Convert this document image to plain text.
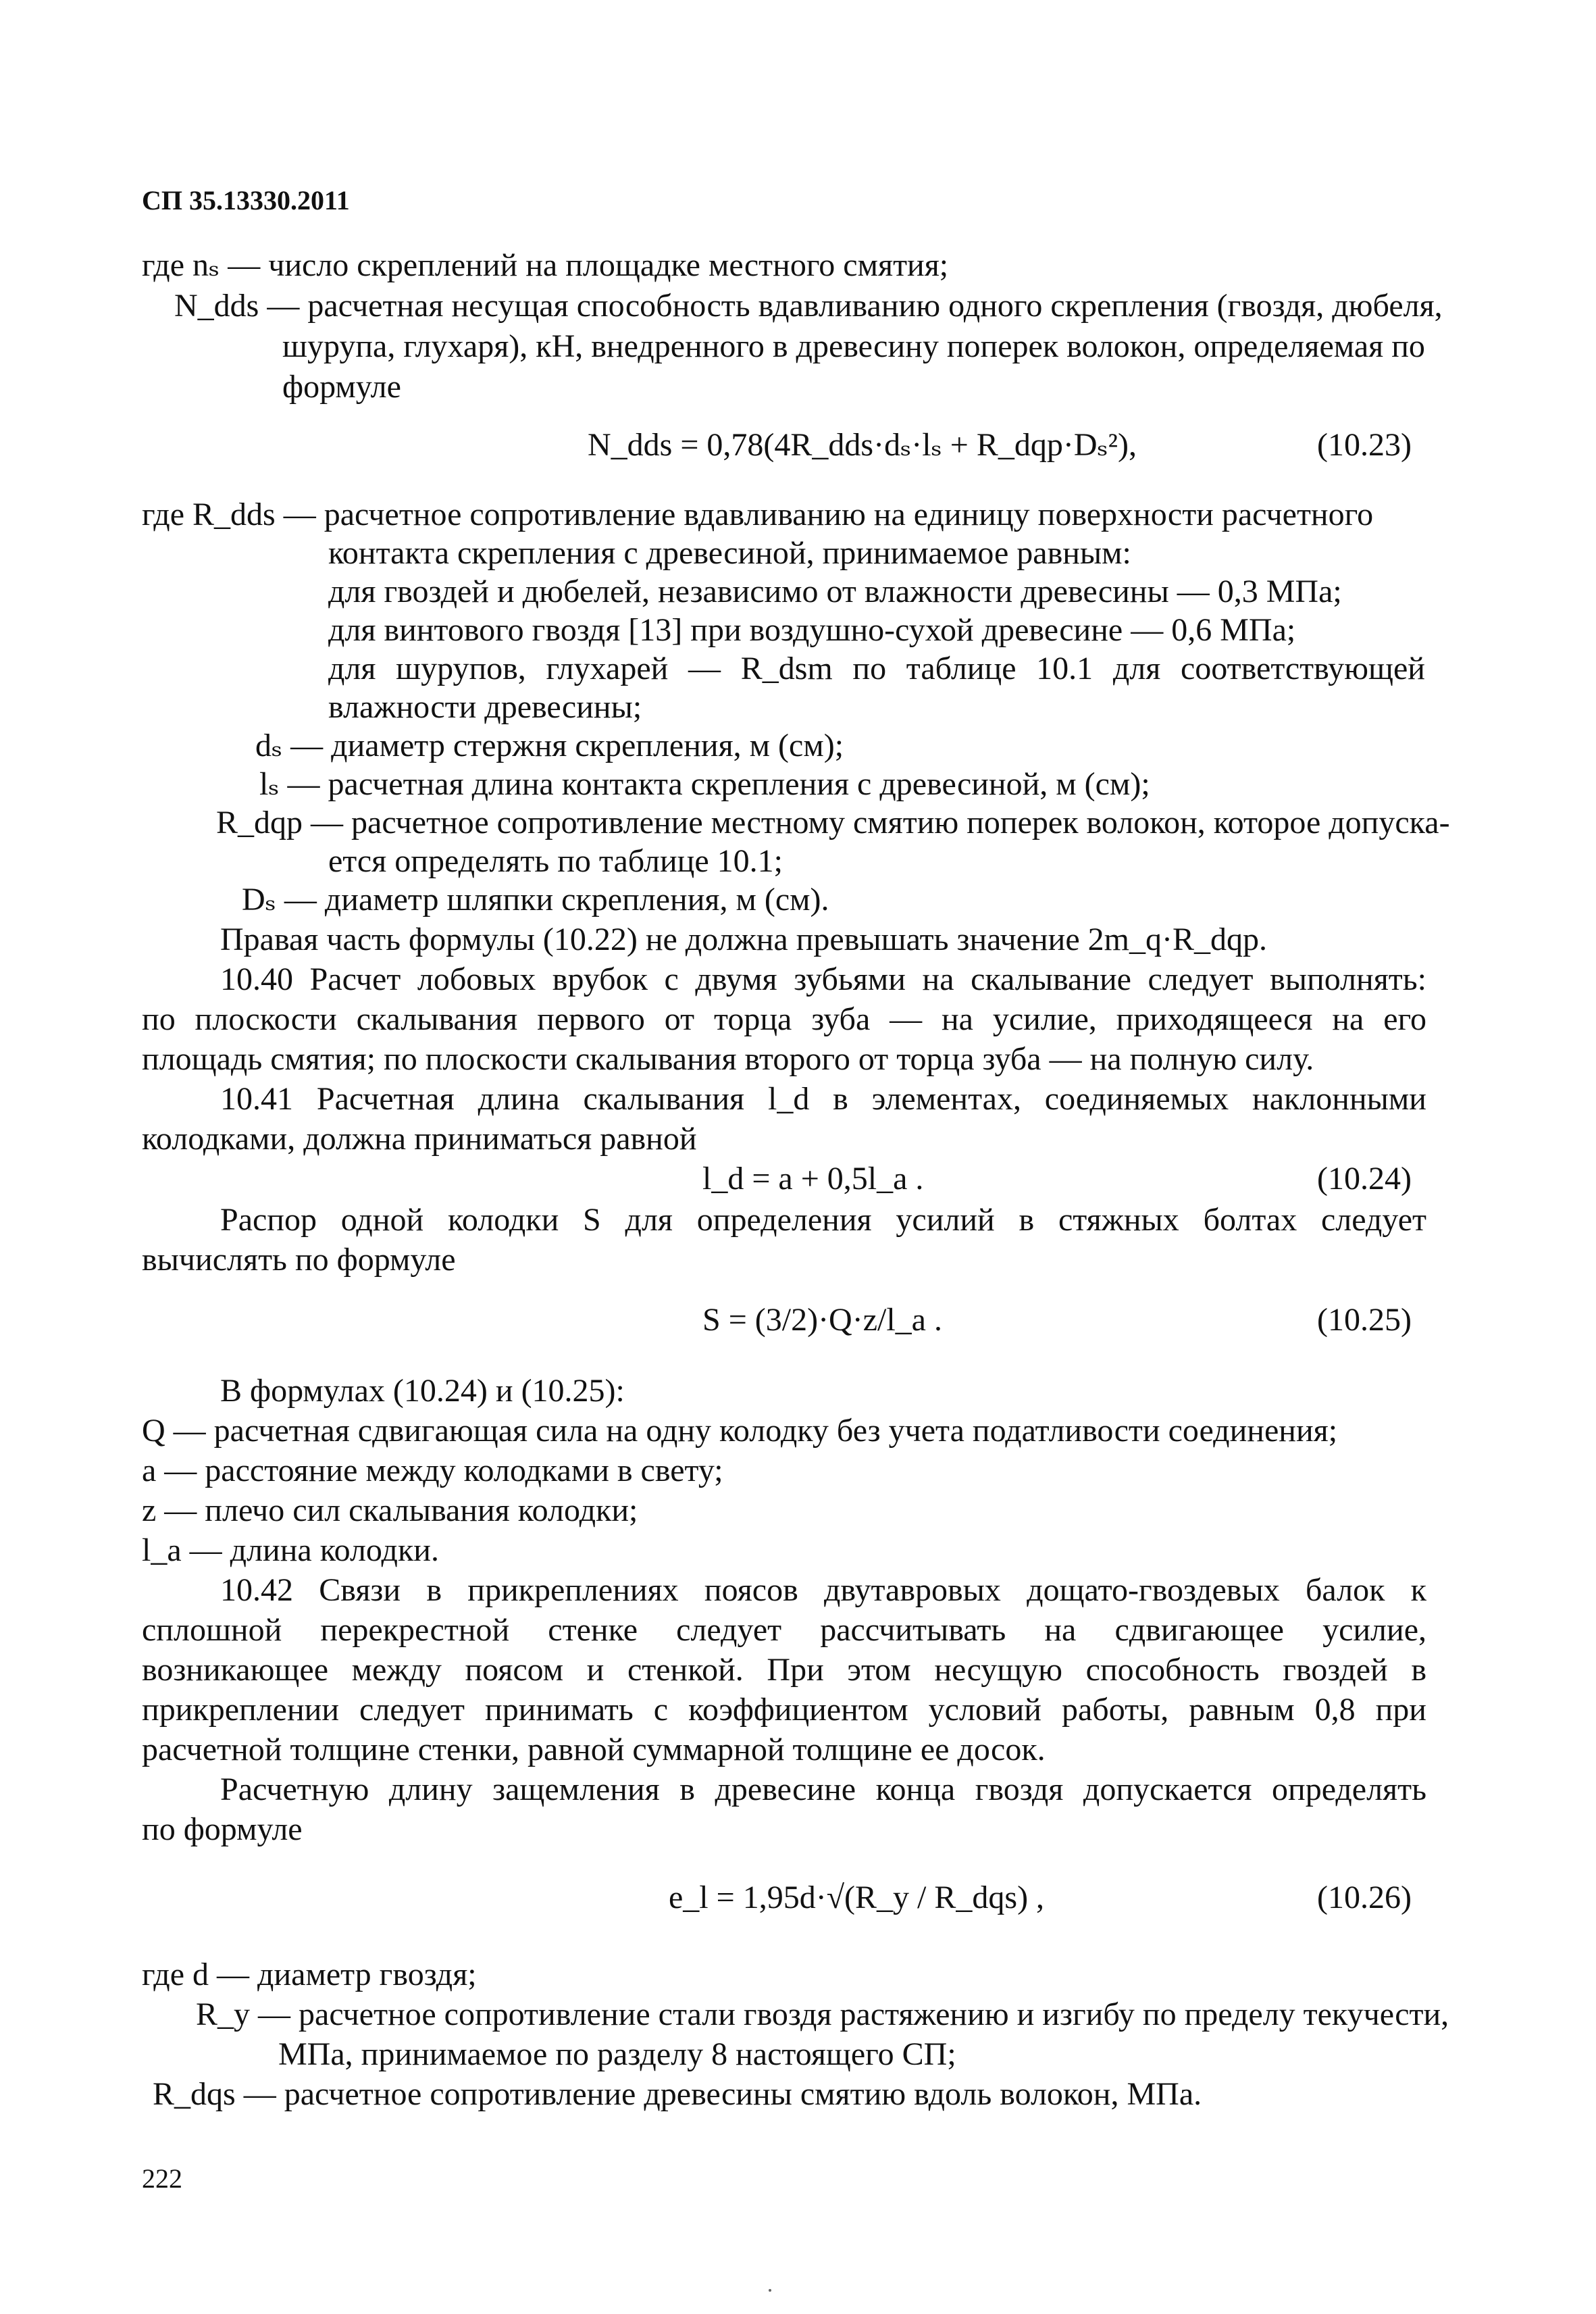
СП 35.13330.2011
где nₛ — число скреплений на площадке местного смятия;
N_dds — расчетная несущая способность вдавливанию одного скрепления (гвоздя, дюбеля,
шурупа, глухаря), кН, внедренного в древесину поперек волокон, определяемая по
формуле
N_dds = 0,78(4R_dds·dₛ·lₛ + R_dqp·Dₛ²),	(10.23)
где R_dds — расчетное сопротивление вдавливанию на единицу поверхности расчетного
контакта скрепления с древесиной, принимаемое равным:
для гвоздей и дюбелей, независимо от влажности древесины — 0,3 МПа;
для винтового гвоздя [13] при воздушно-сухой древесине — 0,6 МПа;
для шурупов, глухарей — R_dsm по таблице 10.1 для соответствующей
влажности древесины;
dₛ — диаметр стержня скрепления, м (см);
lₛ — расчетная длина контакта скрепления с древесиной, м (см);
R_dqp — расчетное сопротивление местному смятию поперек волокон, которое допуска-
ется определять по таблице 10.1;
Dₛ — диаметр шляпки скрепления, м (см).
Правая часть формулы (10.22) не должна превышать значение 2m_q·R_dqp.
10.40 Расчет лобовых врубок с двумя зубьями на скалывание следует выполнять:
по плоскости скалывания первого от торца зуба — на усилие, приходящееся на его
площадь смятия; по плоскости скалывания второго от торца зуба — на полную силу.
10.41 Расчетная длина скалывания l_d в элементах, соединяемых наклонными
колодками, должна приниматься равной
l_d = a + 0,5l_a .	(10.24)
Распор одной колодки S для определения усилий в стяжных болтах следует
вычислять по формуле
S = (3/2)·Q·z/l_a .	(10.25)
В формулах (10.24) и (10.25):
Q — расчетная сдвигающая сила на одну колодку без учета податливости соединения;
a — расстояние между колодками в свету;
z — плечо сил скалывания колодки;
l_a — длина колодки.
10.42 Связи в прикреплениях поясов двутавровых дощато-гвоздевых балок к
сплошной перекрестной стенке следует рассчитывать на сдвигающее усилие,
возникающее между поясом и стенкой. При этом несущую способность гвоздей в
прикреплении следует принимать с коэффициентом условий работы, равным 0,8 при
расчетной толщине стенки, равной суммарной толщине ее досок.
Расчетную длину защемления в древесине конца гвоздя допускается определять
по формуле
e_l = 1,95d·√(R_y / R_dqs) ,	(10.26)
где d — диаметр гвоздя;
R_y — расчетное сопротивление стали гвоздя растяжению и изгибу по пределу текучести,
МПа, принимаемое по разделу 8 настоящего СП;
R_dqs — расчетное сопротивление древесины смятию вдоль волокон, МПа.
222
